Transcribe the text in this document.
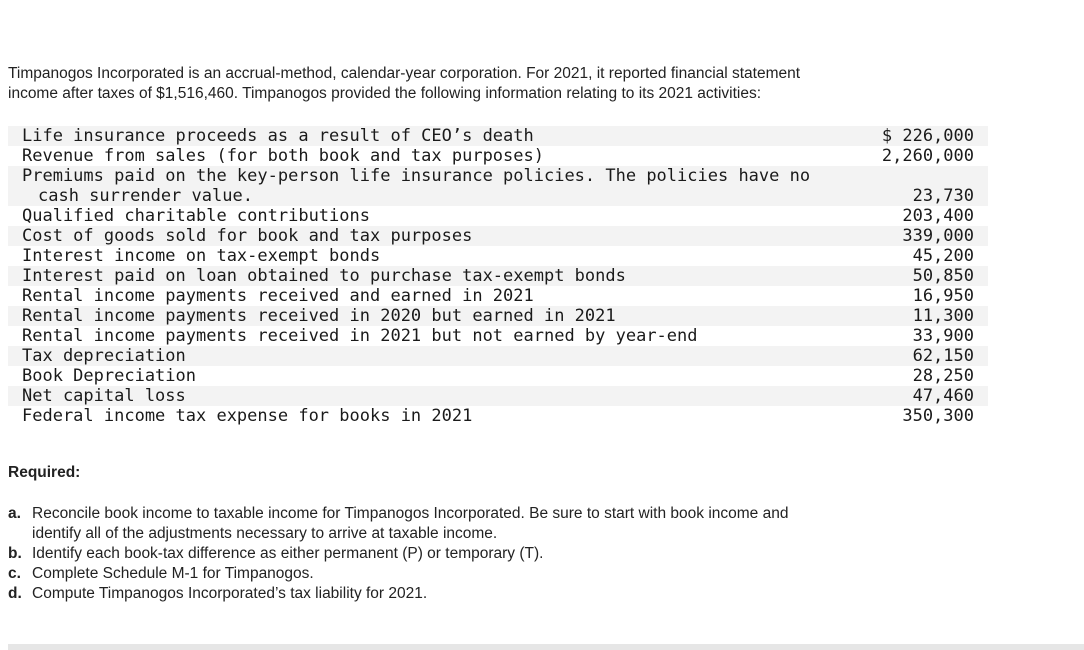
Timpanogos Incorporated is an accrual-method, calendar-year corporation. For 2021, it reported financial statement
income after taxes of $1,516,460. Timpanogos provided the following information relating to its 2021 activities:

Life insurance proceeds as a result of CEO’s death	$ 226,000
Revenue from sales (for both book and tax purposes)	2,260,000
Premiums paid on the key-person life insurance policies. The policies have no
cash surrender value.	23,730
Qualified charitable contributions	203,400
Cost of goods sold for book and tax purposes	339,000
Interest income on tax-exempt bonds	45,200
Interest paid on loan obtained to purchase tax-exempt bonds	50,850
Rental income payments received and earned in 2021	16,950
Rental income payments received in 2020 but earned in 2021	11,300
Rental income payments received in 2021 but not earned by year-end	33,900
Tax depreciation	62,150
Book Depreciation	28,250
Net capital loss	47,460
Federal income tax expense for books in 2021	350,300

Required:

a. Reconcile book income to taxable income for Timpanogos Incorporated. Be sure to start with book income and
identify all of the adjustments necessary to arrive at taxable income.
b. Identify each book-tax difference as either permanent (P) or temporary (T).
c. Complete Schedule M-1 for Timpanogos.
d. Compute Timpanogos Incorporated’s tax liability for 2021.
